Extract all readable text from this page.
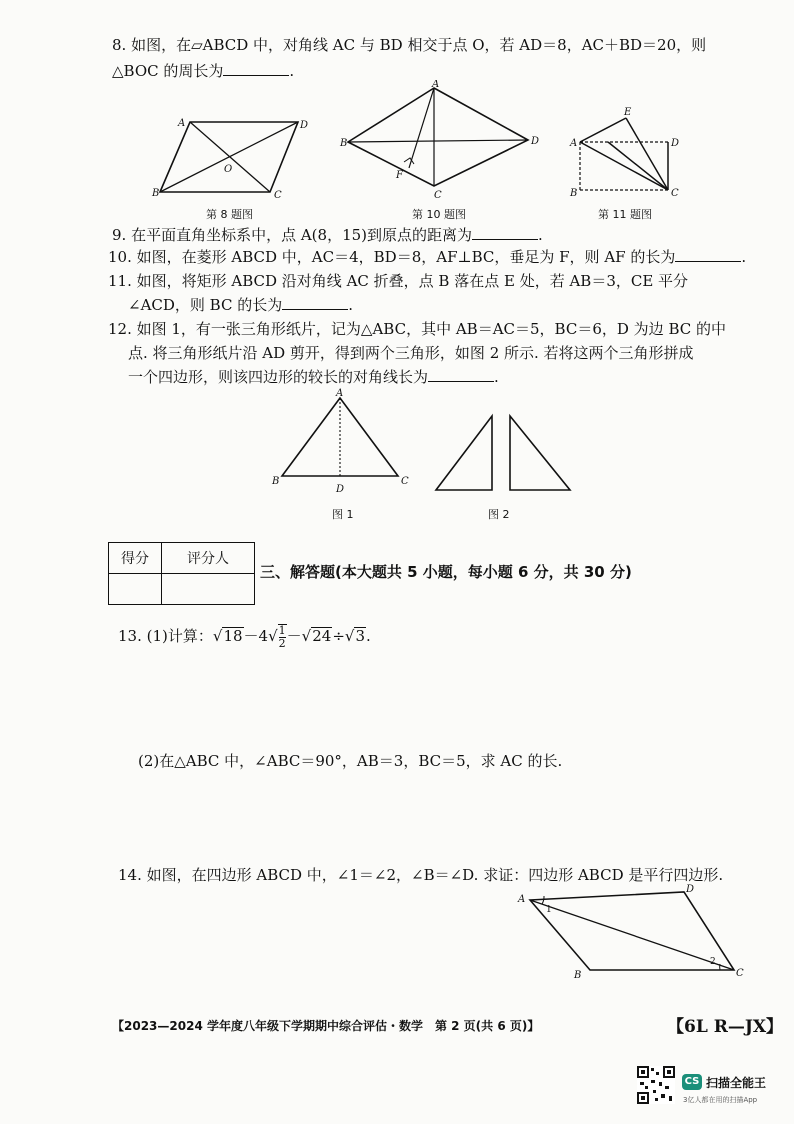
8. 如图，在▱ABCD 中，对角线 AC 与 BD 相交于点 O，若 AD＝8，AC＋BD＝20，则
△BOC 的周长为	.
A	D
B	C
O
第 8 题图
A
B	D
C
F
第 10 题图
E
A	D
B	C
第 11 题图
9. 在平面直角坐标系中，点 A(8，15)到原点的距离为	.
10. 如图，在菱形 ABCD 中，AC＝4，BD＝8，AF⊥BC，垂足为 F，则 AF 的长为	.
11. 如图，将矩形 ABCD 沿对角线 AC 折叠，点 B 落在点 E 处，若 AB＝3，CE 平分
∠ACD，则 BC 的长为	.
12. 如图 1，有一张三角形纸片，记为△ABC，其中 AB＝AC＝5，BC＝6，D 为边 BC 的中
点. 将三角形纸片沿 AD 剪开，得到两个三角形，如图 2 所示. 若将这两个三角形拼成
一个四边形，则该四边形的较长的对角线长为	.
A
B	C
D
图 1	图 2
得分	评分人

三、解答题(本大题共 5 小题，每小题 6 分，共 30 分)
13. (1)计算：$√18-4√ \frac{1}{2} -√24\div√3$.
(2)在△ABC 中，∠ABC＝90°，AB＝3，BC＝5，求 AC 的长.
14. 如图，在四边形 ABCD 中，∠1＝∠2，∠B＝∠D. 求证：四边形 ABCD 是平行四边形.
A
D
B	C
1
2
【2023—2024 学年度八年级下学期期中综合评估・数学　第 2 页(共 6 页)】	【6L R—JX】
CS 扫描全能王
3亿人都在用的扫描App
